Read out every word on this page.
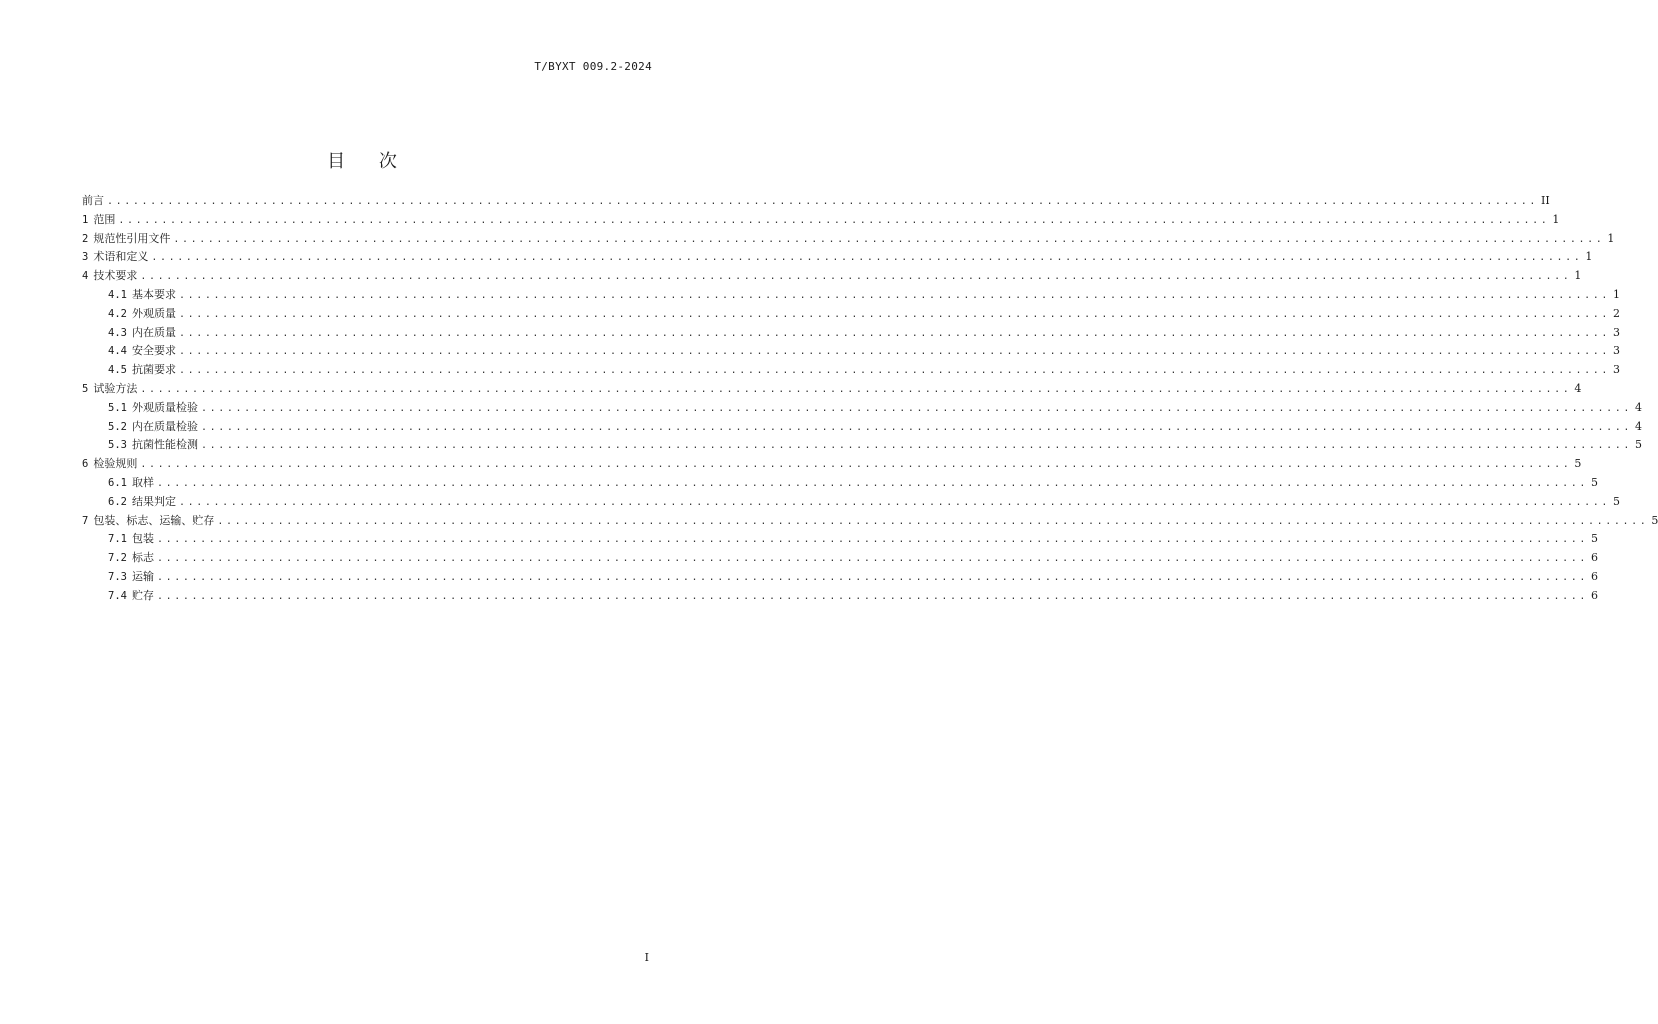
T/BYXT 009.2-2024
目 次
前言 ...................................................................................................................................................................... II
1 范围 ...................................................................................................................................................................... 1
2 规范性引用文件 ...................................................................................................................................................................... 1
3 术语和定义 ...................................................................................................................................................................... 1
4 技术要求 ...................................................................................................................................................................... 1
4.1 基本要求 ...................................................................................................................................................................... 1
4.2 外观质量 ...................................................................................................................................................................... 2
4.3 内在质量 ...................................................................................................................................................................... 3
4.4 安全要求 ...................................................................................................................................................................... 3
4.5 抗菌要求 ...................................................................................................................................................................... 3
5 试验方法 ...................................................................................................................................................................... 4
5.1 外观质量检验 ...................................................................................................................................................................... 4
5.2 内在质量检验 ...................................................................................................................................................................... 4
5.3 抗菌性能检测 ...................................................................................................................................................................... 5
6 检验规则 ...................................................................................................................................................................... 5
6.1 取样 ...................................................................................................................................................................... 5
6.2 结果判定 ...................................................................................................................................................................... 5
7 包装、标志、运输、贮存 ...................................................................................................................................................................... 5
7.1 包装 ...................................................................................................................................................................... 5
7.2 标志 ...................................................................................................................................................................... 6
7.3 运输 ...................................................................................................................................................................... 6
7.4 贮存 ...................................................................................................................................................................... 6
I
